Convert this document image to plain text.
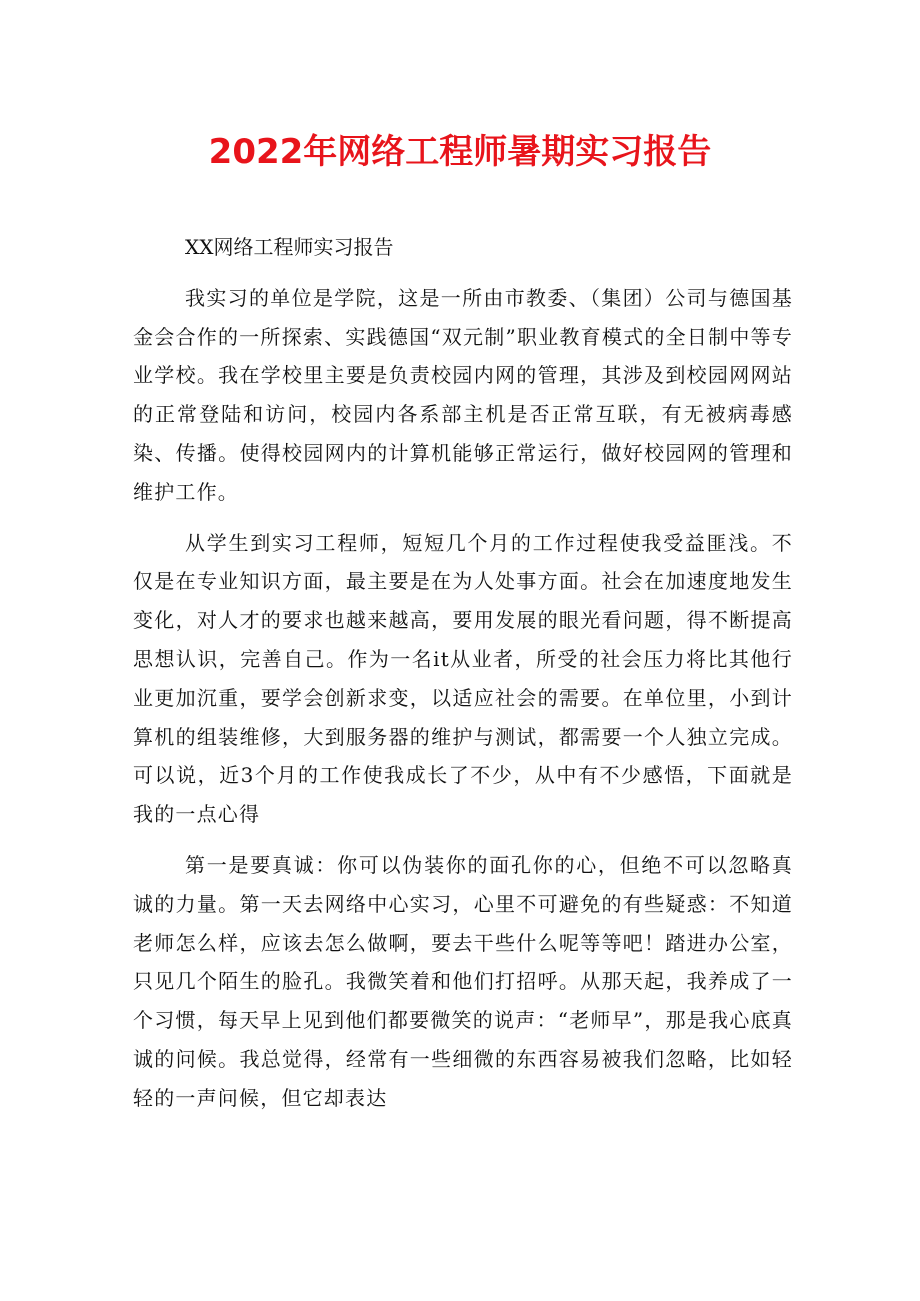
2022年网络工程师暑期实习报告

XX网络工程师实习报告

我实习的单位是学院，这是一所由市教委、（集团）公司与德国基金会合作的一所探索、实践德国“双元制”职业教育模式的全日制中等专业学校。我在学校里主要是负责校园内网的管理，其涉及到校园网网站的正常登陆和访问，校园内各系部主机是否正常互联，有无被病毒感染、传播。使得校园网内的计算机能够正常运行，做好校园网的管理和维护工作。

从学生到实习工程师，短短几个月的工作过程使我受益匪浅。不仅是在专业知识方面，最主要是在为人处事方面。社会在加速度地发生变化，对人才的要求也越来越高，要用发展的眼光看问题，得不断提高思想认识，完善自己。作为一名it从业者，所受的社会压力将比其他行业更加沉重，要学会创新求变，以适应社会的需要。在单位里，小到计算机的组装维修，大到服务器的维护与测试，都需要一个人独立完成。可以说，近3个月的工作使我成长了不少，从中有不少感悟，下面就是我的一点心得

第一是要真诚：你可以伪装你的面孔你的心，但绝不可以忽略真诚的力量。第一天去网络中心实习，心里不可避免的有些疑惑：不知道老师怎么样，应该去怎么做啊，要去干些什么呢等等吧！踏进办公室，只见几个陌生的脸孔。我微笑着和他们打招呼。从那天起，我养成了一个习惯，每天早上见到他们都要微笑的说声：“老师早”，那是我心底真诚的问候。我总觉得，经常有一些细微的东西容易被我们忽略，比如轻轻的一声问候，但它却表达
